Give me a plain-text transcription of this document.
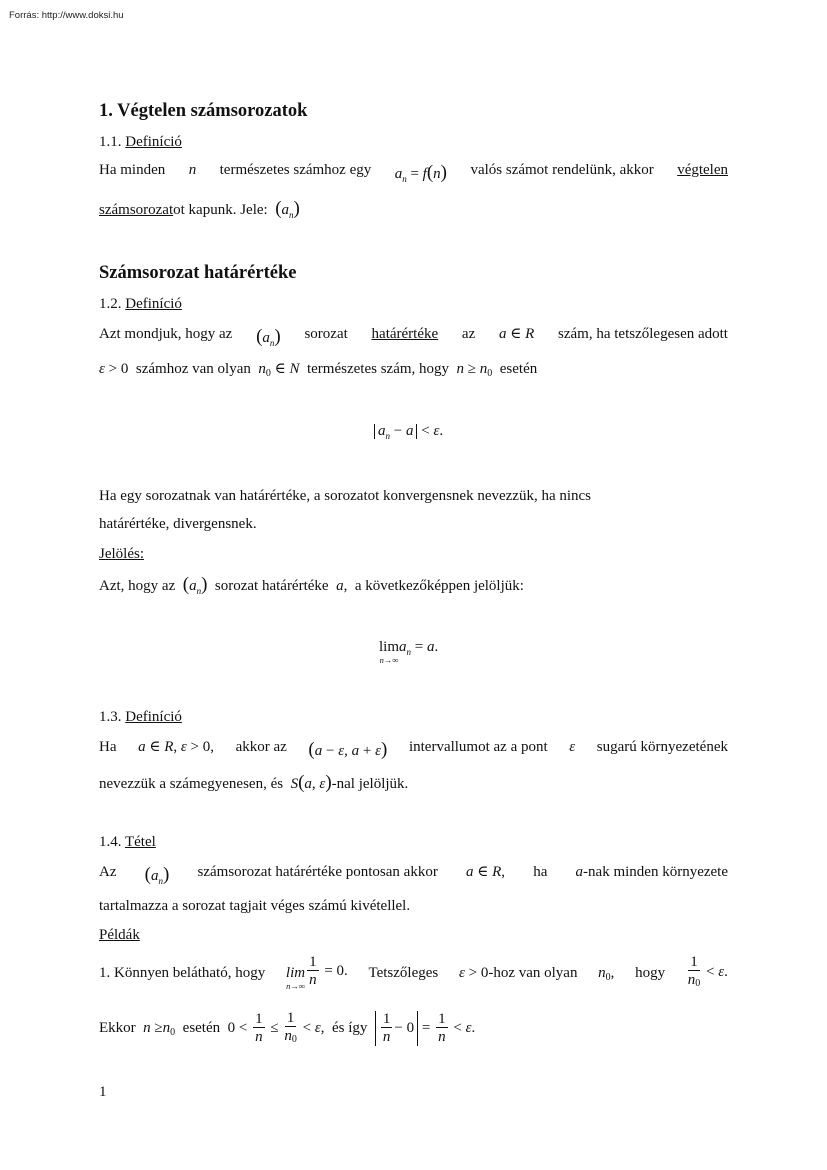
Forrás: http://www.doksi.hu
1. Végtelen számsorozatok
1.1. Definíció
Ha minden n természetes számhoz egy $a_n = f(n)$ valós számot rendelünk, akkor végtelen
számsorozatot kapunk. Jele: $(a_n)$
Számsorozat határértéke
1.2. Definíció
Azt mondjuk, hogy az $(a_n)$ sorozat határértéke az a ∈ R szám, ha tetszőlegesen adott
ε > 0  számhoz van olyan $n_0$ ∈ N természetes szám, hogy $n \ge n_0$ esetén
$a_n - a < \varepsilon$.
Ha egy sorozatnak van határértéke, a sorozatot konvergensnek nevezzük, ha nincs
határértéke, divergensnek.
Jelölés:
Azt, hogy az $(a_n)$ sorozat határértéke a,  a következőképpen jelöljük:
lim
n→∞
$a_n = a$.
1.3. Definíció
Ha a ∈ R, ε > 0, akkor az (a − ε, a + ε) intervallumot az a pont ε sugarú környezetének
nevezzük a számegyenesen, és S(a, ε)-nal jelöljük.
1.4. Tétel
Az $(a_n)$ számsorozat határértéke pontosan akkor a ∈ R, ha a-nak minden környezete
tartalmazza a sorozat tagjait véges számú kivétellel.
Példák
1. Könnyen belátható, hogy lim
$n\to\infty \frac{1}{n} = 0$. Tetszőleges ε > 0-hoz van olyan $n_0$, hogy $\frac{1}{n0} < \varepsilon$.
Ekkor $n \ge n_0$ esetén  $0 < \frac{1}{n} \le \frac{1}{n0} < \varepsilon$,  és így $\frac{1}{n} - 0 = \frac{1}{n} < \varepsilon$.
1
